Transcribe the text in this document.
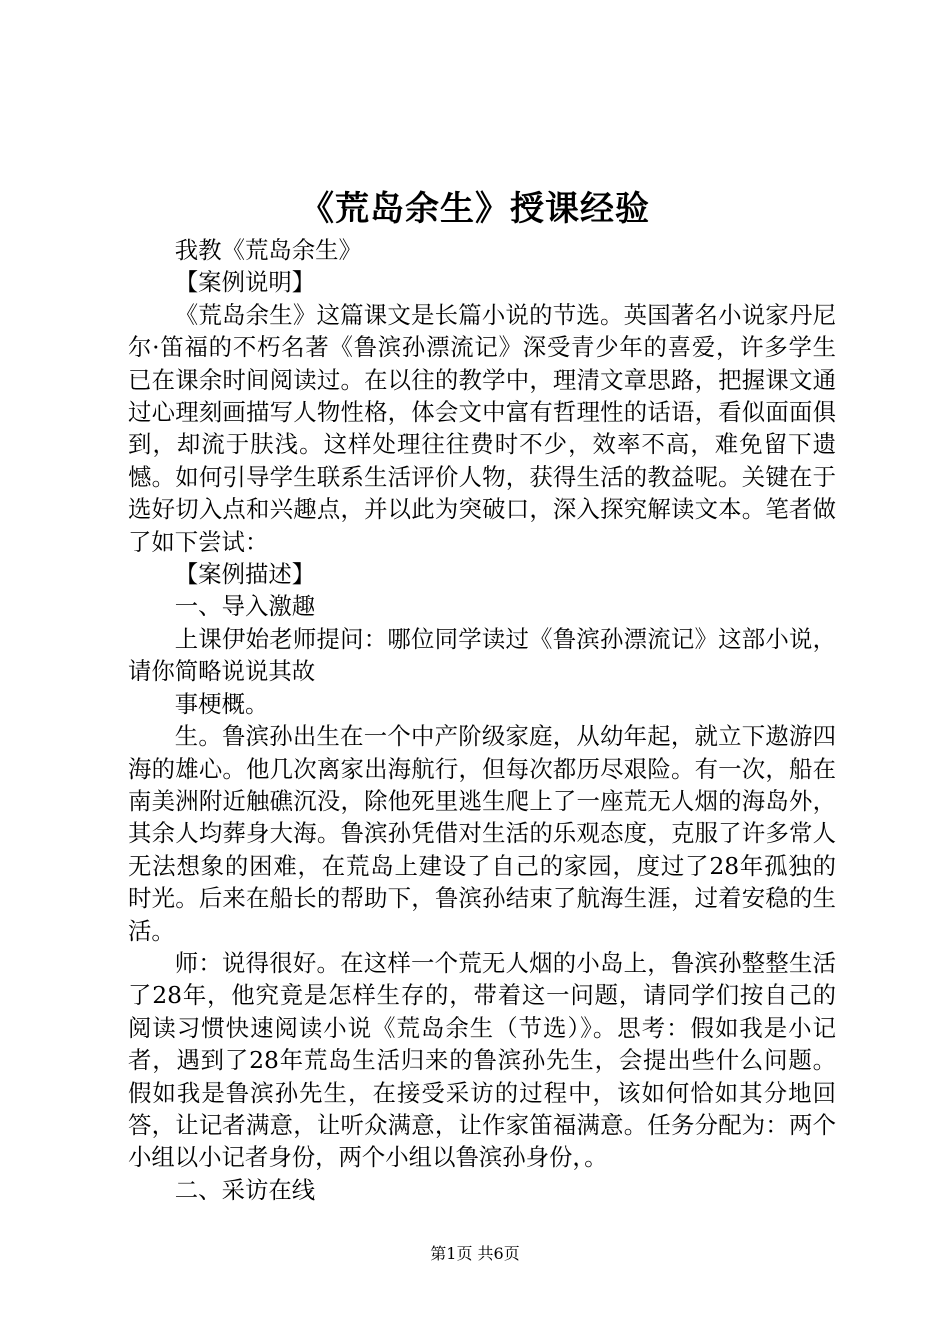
《荒岛余生》授课经验

我教《荒岛余生》

【案例说明】

《荒岛余生》这篇课文是长篇小说的节选。英国著名小说家丹尼尔·笛福的不朽名著《鲁滨孙漂流记》深受青少年的喜爱，许多学生已在课余时间阅读过。在以往的教学中，理清文章思路，把握课文通过心理刻画描写人物性格，体会文中富有哲理性的话语，看似面面俱到，却流于肤浅。这样处理往往费时不少，效率不高，难免留下遗憾。如何引导学生联系生活评价人物，获得生活的教益呢。关键在于选好切入点和兴趣点，并以此为突破口，深入探究解读文本。笔者做了如下尝试：

【案例描述】

一、导入激趣

上课伊始老师提问：哪位同学读过《鲁滨孙漂流记》这部小说，请你简略说说其故

事梗概。

生。鲁滨孙出生在一个中产阶级家庭，从幼年起，就立下遨游四海的雄心。他几次离家出海航行，但每次都历尽艰险。有一次，船在南美洲附近触礁沉没，除他死里逃生爬上了一座荒无人烟的海岛外，其余人均葬身大海。鲁滨孙凭借对生活的乐观态度，克服了许多常人无法想象的困难，在荒岛上建设了自己的家园，度过了28年孤独的时光。后来在船长的帮助下，鲁滨孙结束了航海生涯，过着安稳的生活。

师：说得很好。在这样一个荒无人烟的小岛上，鲁滨孙整整生活了28年，他究竟是怎样生存的，带着这一问题，请同学们按自己的阅读习惯快速阅读小说《荒岛余生（节选）》。思考：假如我是小记者，遇到了28年荒岛生活归来的鲁滨孙先生，会提出些什么问题。假如我是鲁滨孙先生，在接受采访的过程中，该如何恰如其分地回答，让记者满意，让听众满意，让作家笛福满意。任务分配为：两个小组以小记者身份，两个小组以鲁滨孙身份，。

二、采访在线

第1页 共6页
